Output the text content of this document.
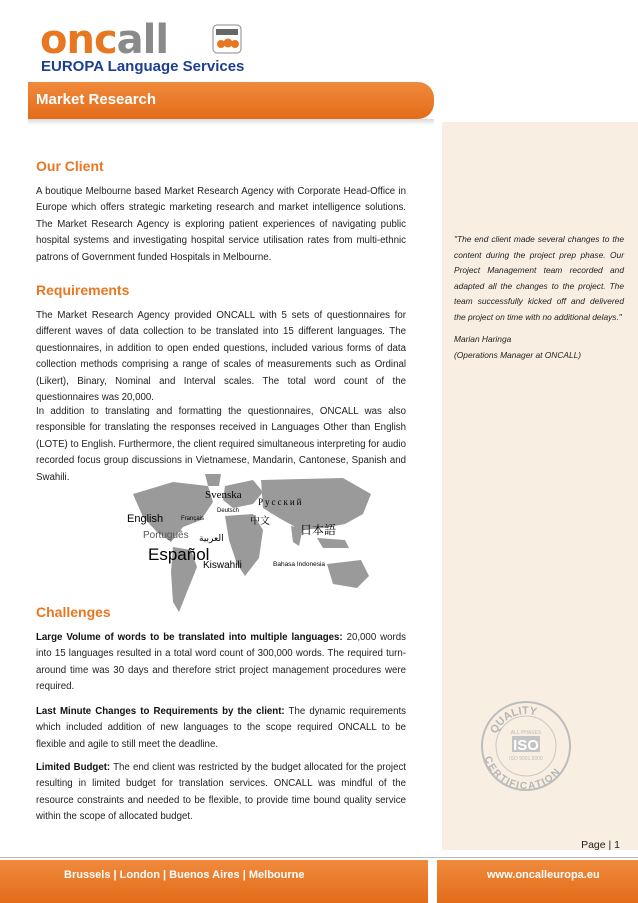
oncall
EUROPA Language Services
Market Research
"The end client made several changes to the content during the project prep phase. Our Project Management team recorded and adapted all the changes to the project. The team successfully kicked off and delivered the project on time with no additional delays."
Marian Haringa
(Operations Manager at ONCALL)
QUALITY
CERTIFICATION
ALL PHASES
ISO
ISO 9001:2000
Our Client

A boutique Melbourne based Market Research Agency with Corporate Head-Office in Europe which offers strategic marketing research and market intelligence solutions. The Market Research Agency is exploring patient experiences of navigating public hospital systems and investigating hospital service utilisation rates from multi-ethnic patrons of Government funded Hospitals in Melbourne.

Requirements

The Market Research Agency provided ONCALL with 5 sets of questionnaires for different waves of data collection to be translated into 15 different languages. The questionnaires, in addition to open ended questions, included various forms of data collection methods comprising a range of scales of measurements such as Ordinal (Likert), Binary, Nominal and Interval scales. The total word count of the questionnaires was 20,000.

In addition to translating and formatting the questionnaires, ONCALL was also responsible for translating the responses received in Languages Other than English (LOTE) to English. Furthermore, the client required simultaneous interpreting for audio recorded focus group discussions in Vietnamese, Mandarin, Cantonese, Spanish and Swahili.

Svenska
Русский
English	Français
Deutsch
中文
日本語
Português العربية
Español
Kiswahili	Bahasa Indonesia
Challenges

Large Volume of words to be translated into multiple languages: 20,000 words into 15 languages resulted in a total word count of 300,000 words. The required turn-around time was 30 days and therefore strict project management procedures were required.

Last Minute Changes to Requirements by the client: The dynamic requirements which included addition of new languages to the scope required ONCALL to be flexible and agile to still meet the deadline.

Limited Budget: The end client was restricted by the budget allocated for the project resulting in limited budget for translation services. ONCALL was mindful of the resource constraints and needed to be flexible, to provide time bound quality service within the scope of allocated budget.

Page | 1
Brussels | London | Buenos Aires | Melbourne	www.oncalleuropa.eu
